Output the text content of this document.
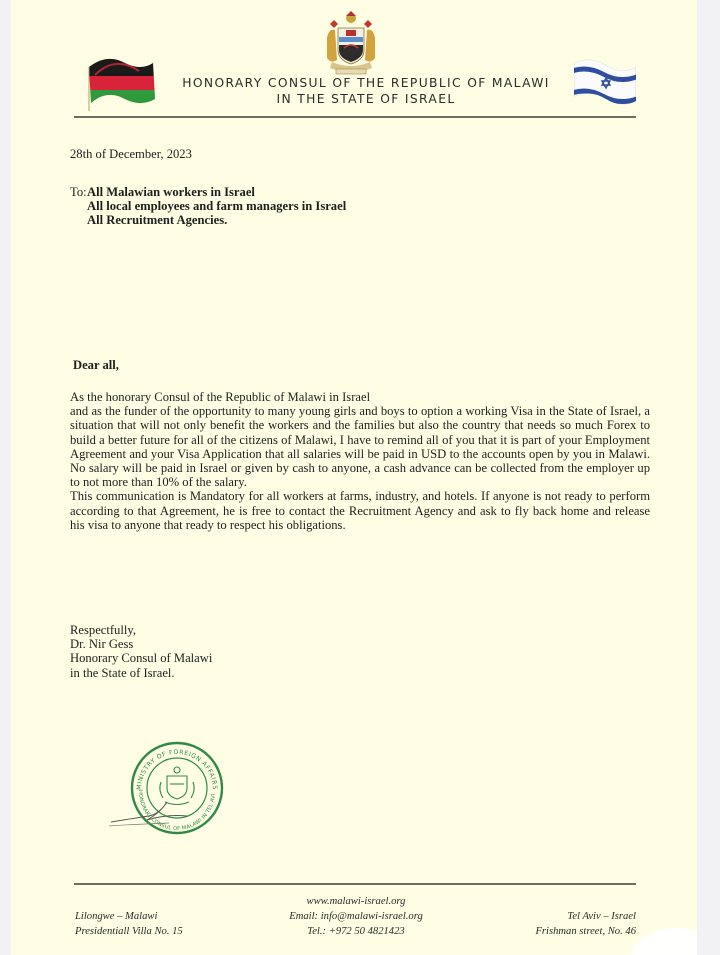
HONORARY CONSUL OF THE REPUBLIC OF MALAWI
IN THE STATE OF ISRAEL
28th of December, 2023
To: All Malawian workers in Israel
All local employees and farm managers in Israel
All Recruitment Agencies.
Dear all,

As the honorary Consul of the Republic of Malawi in Israel

and as the funder of the opportunity to many young girls and boys to option a working Visa in the State of Israel, a situation that will not only benefit the workers and the families but also the country that needs so much Forex to build a better future for all of the citizens of Malawi, I have to remind all of you that it is part of your Employment Agreement and your Visa Application that all salaries will be paid in USD to the accounts open by you in Malawi. No salary will be paid in Israel or given by cash to anyone, a cash advance can be collected from the employer up to not more than 10% of the salary.

This communication is Mandatory for all workers at farms, industry, and hotels. If anyone is not ready to perform according to that Agreement, he is free to contact the Recruitment Agency and ask to fly back home and release his visa to anyone that ready to respect his obligations.

Respectfully,
Dr. Nir Gess
Honorary Consul of Malawi
in the State of Israel.
MINISTRY OF FOREIGN AFFAIRS
HONORARY CONSUL OF MALAWI IN TEL AVI
Lilongwe – Malawi
Presidentiall Villa No. 15
www.malawi-israel.org
Email: info@malawi-israel.org
Tel.: +972 50 4821423
Tel Aviv – Israel
Frishman street, No. 46
